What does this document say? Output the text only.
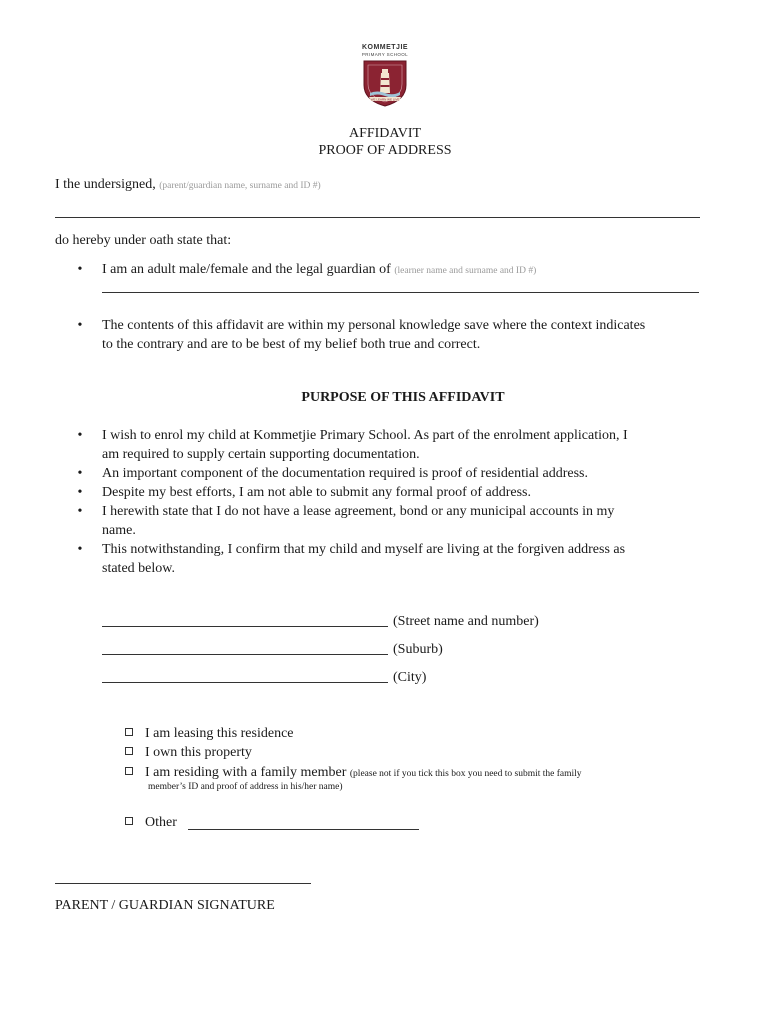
KOMMETJIE
PRIMARY SCHOOL
WE LEARN WE LIVE
AFFIDAVIT
PROOF OF ADDRESS
I the undersigned, (parent/guardian name, surname and ID #)
do hereby under oath state that:
• I am an adult male/female and the legal guardian of (learner name and surname and ID #)
• The contents of this affidavit are within my personal knowledge save where the context indicates
to the contrary and are to be best of my belief both true and correct.
PURPOSE OF THIS AFFIDAVIT
• I wish to enrol my child at Kommetjie Primary School. As part of the enrolment application, I
am required to supply certain supporting documentation.
• An important component of the documentation required is proof of residential address.
• Despite my best efforts, I am not able to submit any formal proof of address.
• I herewith state that I do not have a lease agreement, bond or any municipal accounts in my
name.
• This notwithstanding, I confirm that my child and myself are living at the forgiven address as
stated below.
(Street name and number)
(Suburb)
(City)
I am leasing this residence
I own this property
I am residing with a family member (please not if you tick this box you need to submit the family
member’s ID and proof of address in his/her name)
Other
PARENT / GUARDIAN SIGNATURE
